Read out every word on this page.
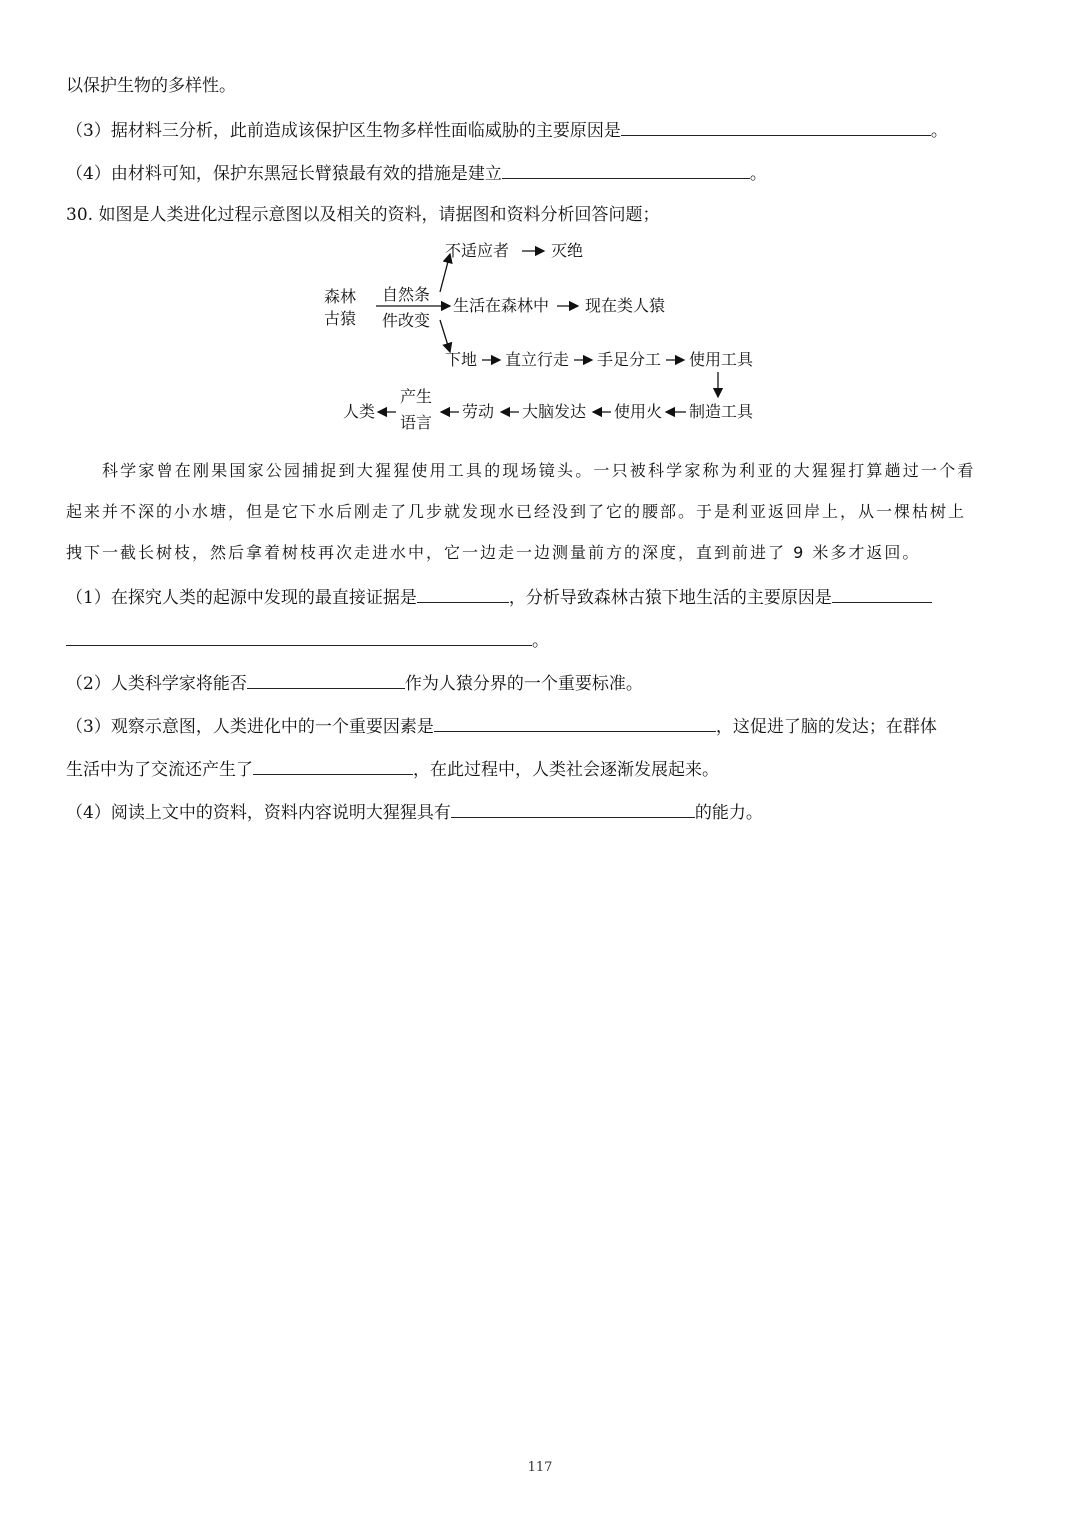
以保护生物的多样性。
（3）据材料三分析，此前造成该保护区生物多样性面临威胁的主要原因是	。
（4）由材料可知，保护东黑冠长臂猿最有效的措施是建立	。
30. 如图是人类进化过程示意图以及相关的资料，请据图和资料分析回答问题；
森林
古猿
自然条
件改变
不适应者	灭绝
生活在森林中 现在类人猿
下地 直立行走 手足分工 使用工具
制造工具
使用火
大脑发达
劳动
产生
语言
人类
科学家曾在刚果国家公园捕捉到大猩猩使用工具的现场镜头。一只被科学家称为利亚的大猩猩打算趟过一个看
起来并不深的小水塘，但是它下水后刚走了几步就发现水已经没到了它的腰部。于是利亚返回岸上，从一棵枯树上
拽下一截长树枝，然后拿着树枝再次走进水中，它一边走一边测量前方的深度，直到前进了 9 米多才返回。
（1）在探究人类的起源中发现的最直接证据是	，分析导致森林古猿下地生活的主要原因是
。
（2）人类科学家将能否	作为人猿分界的一个重要标准。
（3）观察示意图，人类进化中的一个重要因素是	，这促进了脑的发达；在群体
生活中为了交流还产生了	，在此过程中，人类社会逐渐发展起来。
（4）阅读上文中的资料，资料内容说明大猩猩具有	的能力。
117
